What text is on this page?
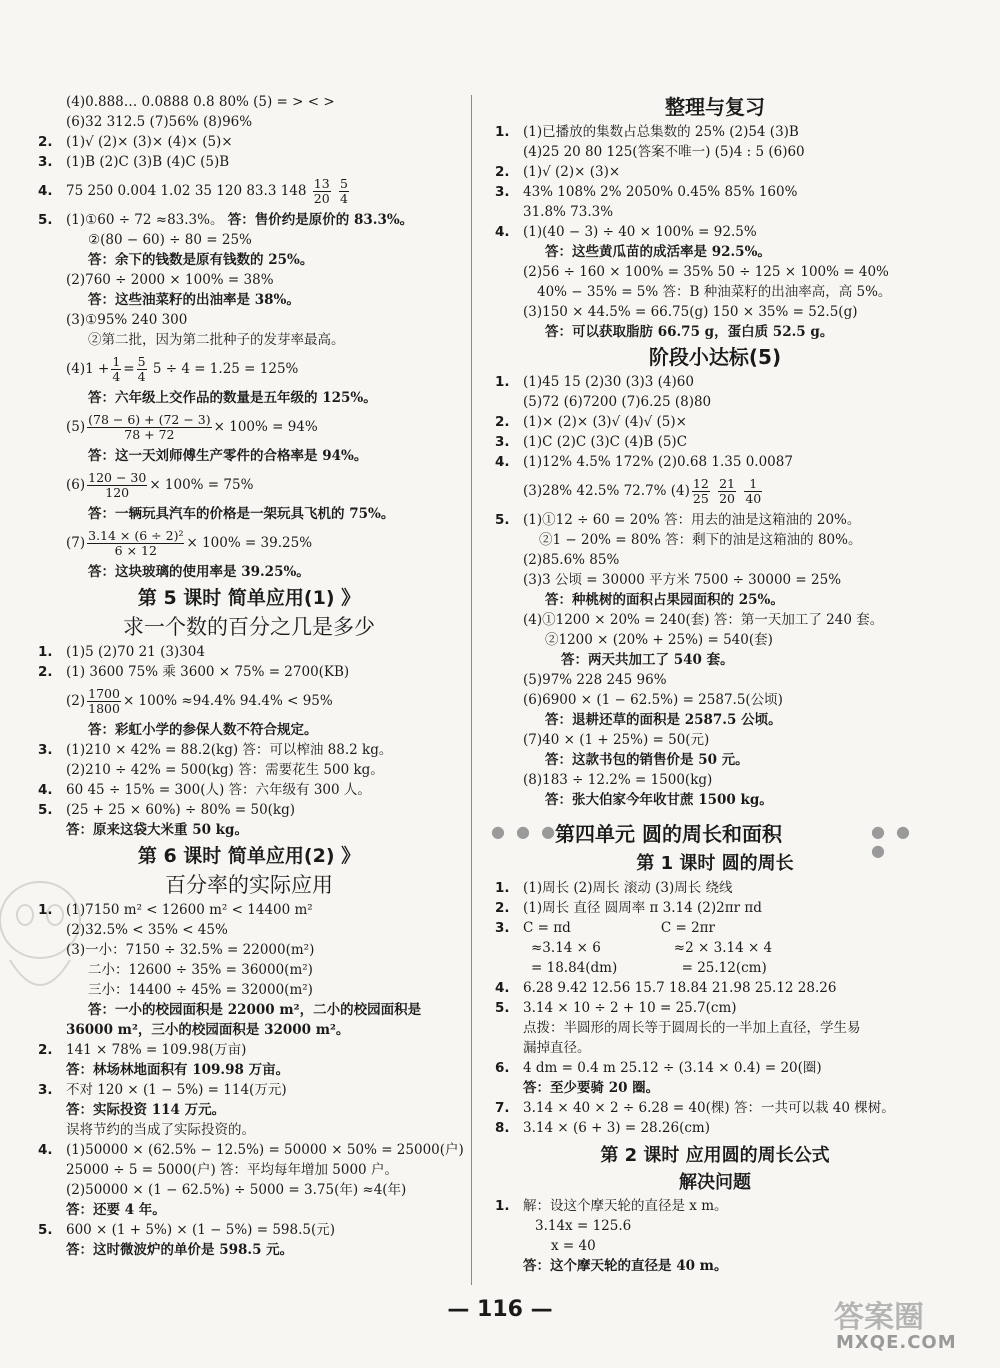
(4)0.888… 0.0888 0.8 80% (5) = > < >
(6)32 312.5 (7)56% (8)96%
2. (1)√ (2)× (3)× (4)× (5)×
3. (1)B (2)C (3)B (4)C (5)B
4. 75 250 0.004 1.02 35 120 83.3 $148 \frac{13}{20}$
$\frac{5}{4}$
5. (1)①60 ÷ 72 ≈83.3%。 答：售价约是原价的 83.3%。
②(80 − 60) ÷ 80 = 25%
答：余下的钱数是原有钱数的 25%。
(2)760 ÷ 2000 × 100% = 38%
答：这些油菜籽的出油率是 38%。
(3)①95% 240 300
②第二批，因为第二批种子的发芽率最高。
$(4)1 + \frac{1}{4} = \frac{5}{4} 5 \div 4 = 1.25 = 125\%$
答：六年级上交作品的数量是五年级的 125%。
$(5) \frac{(78 - 6) + (72 - 3)}{78 + 72} \times 100\% = 94\%$
答：这一天刘师傅生产零件的合格率是 94%。
$(6) \frac{120 - 30}{120} \times 100\% = 75\%$
答：一辆玩具汽车的价格是一架玩具飞机的 75%。
$(7) \frac{\text{3.14 × (6 ÷ 2)²}}{6 \times 12} \times 100\% = 39.25\%$
答：这块玻璃的使用率是 39.25%。
第 5 课时 简单应用(1) 》
求一个数的百分之几是多少
1. (1)5 (2)70 21 (3)304
2. (1) 3600 75% 乘 3600 × 75% = 2700(KB)
$(2) \frac{1700}{1800} \times 100\% \approx 94.4\%$ 94.4% < 95%
答：彩虹小学的参保人数不符合规定。
3. (1)210 × 42% = 88.2(kg) 答：可以榨油 88.2 kg。
(2)210 ÷ 42% = 500(kg) 答：需要花生 500 kg。
4. 60 45 ÷ 15% = 300(人) 答：六年级有 300 人。
5. (25 + 25 × 60%) ÷ 80% = 50(kg)
答：原来这袋大米重 50 kg。
第 6 课时 简单应用(2) 》
百分率的实际应用
1. (1)7150 m² < 12600 m² < 14400 m²
(2)32.5% < 35% < 45%
(3)一小：7150 ÷ 32.5% = 22000(m²)
二小：12600 ÷ 35% = 36000(m²)
三小：14400 ÷ 45% = 32000(m²)
答：一小的校园面积是 22000 m²，二小的校园面积是
36000 m²，三小的校园面积是 32000 m²。
2. 141 × 78% = 109.98(万亩)
答：林场林地面积有 109.98 万亩。
3. 不对 120 × (1 − 5%) = 114(万元)
答：实际投资 114 万元。
误将节约的当成了实际投资的。
4. (1)50000 × (62.5% − 12.5%) = 50000 × 50% = 25000(户)
25000 ÷ 5 = 5000(户) 答：平均每年增加 5000 户。
(2)50000 × (1 − 62.5%) ÷ 5000 = 3.75(年) ≈4(年)
答：还要 4 年。
5. 600 × (1 + 5%) × (1 − 5%) = 598.5(元)
答：这时微波炉的单价是 598.5 元。
整理与复习
1. (1)已播放的集数占总集数的 25% (2)54 (3)B
(4)25 20 80 125(答案不唯一) (5)4 : 5 (6)60
2. (1)√ (2)× (3)×
3. 43% 108% 2% 2050% 0.45% 85% 160%
31.8% 73.3%
4. (1)(40 − 3) ÷ 40 × 100% = 92.5%
答：这些黄瓜苗的成活率是 92.5%。
(2)56 ÷ 160 × 100% = 35% 50 ÷ 125 × 100% = 40%
40% − 35% = 5% 答：B 种油菜籽的出油率高，高 5%。
(3)150 × 44.5% = 66.75(g) 150 × 35% = 52.5(g)
答：可以获取脂肪 66.75 g，蛋白质 52.5 g。
阶段小达标(5)
1. (1)45 15 (2)30 (3)3 (4)60
(5)72 (6)7200 (7)6.25 (8)80
2. (1)× (2)× (3)√ (4)√ (5)×
3. (1)C (2)C (3)C (4)B (5)C
4. (1)12% 4.5% 172% (2)0.68 1.35 0.0087
(3)28% 42.5% 72.7% $(4) \frac{12}{25}$
$\frac{21}{20}$
$\frac{1}{40}$
5. (1)①12 ÷ 60 = 20% 答：用去的油是这箱油的 20%。
②1 − 20% = 80% 答：剩下的油是这箱油的 80%。
(2)85.6% 85%
(3)3 公顷 = 30000 平方米 7500 ÷ 30000 = 25%
答：种桃树的面积占果园面积的 25%。
(4)①1200 × 20% = 240(套) 答：第一天加工了 240 套。
②1200 × (20% + 25%) = 540(套)
答：两天共加工了 540 套。
(5)97% 228 245 96%
(6)6900 × (1 − 62.5%) = 2587.5(公顷)
答：退耕还草的面积是 2587.5 公顷。
(7)40 × (1 + 25%) = 50(元)
答：这款书包的销售价是 50 元。
(8)183 ÷ 12.2% = 1500(kg)
答：张大伯家今年收甘蔗 1500 kg。
● ● ●
第四单元 圆的周长和面积	● ● ●
第 1 课时 圆的周长
1. (1)周长 (2)周长 滚动 (3)周长 绕线
2. (1)周长 直径 圆周率 π 3.14 (2)2πr πd
3. C = πd                     C = 2πr
≈3.14 × 6                 ≈2 × 3.14 × 4
= 18.84(dm)               = 25.12(cm)
4. 6.28 9.42 12.56 15.7 18.84 21.98 25.12 28.26
5. 3.14 × 10 ÷ 2 + 10 = 25.7(cm)
点拨：半圆形的周长等于圆周长的一半加上直径，学生易
漏掉直径。
6. 4 dm = 0.4 m 25.12 ÷ (3.14 × 0.4) = 20(圈)
答：至少要骑 20 圈。
7. 3.14 × 40 × 2 ÷ 6.28 = 40(棵) 答：一共可以栽 40 棵树。
8. 3.14 × (6 + 3) = 28.26(cm)
第 2 课时 应用圆的周长公式
解决问题
1. 解：设这个摩天轮的直径是 x m。
3.14x = 125.6
x = 40
答：这个摩天轮的直径是 40 m。
— 116 —	答案圈
MXQE.COM
